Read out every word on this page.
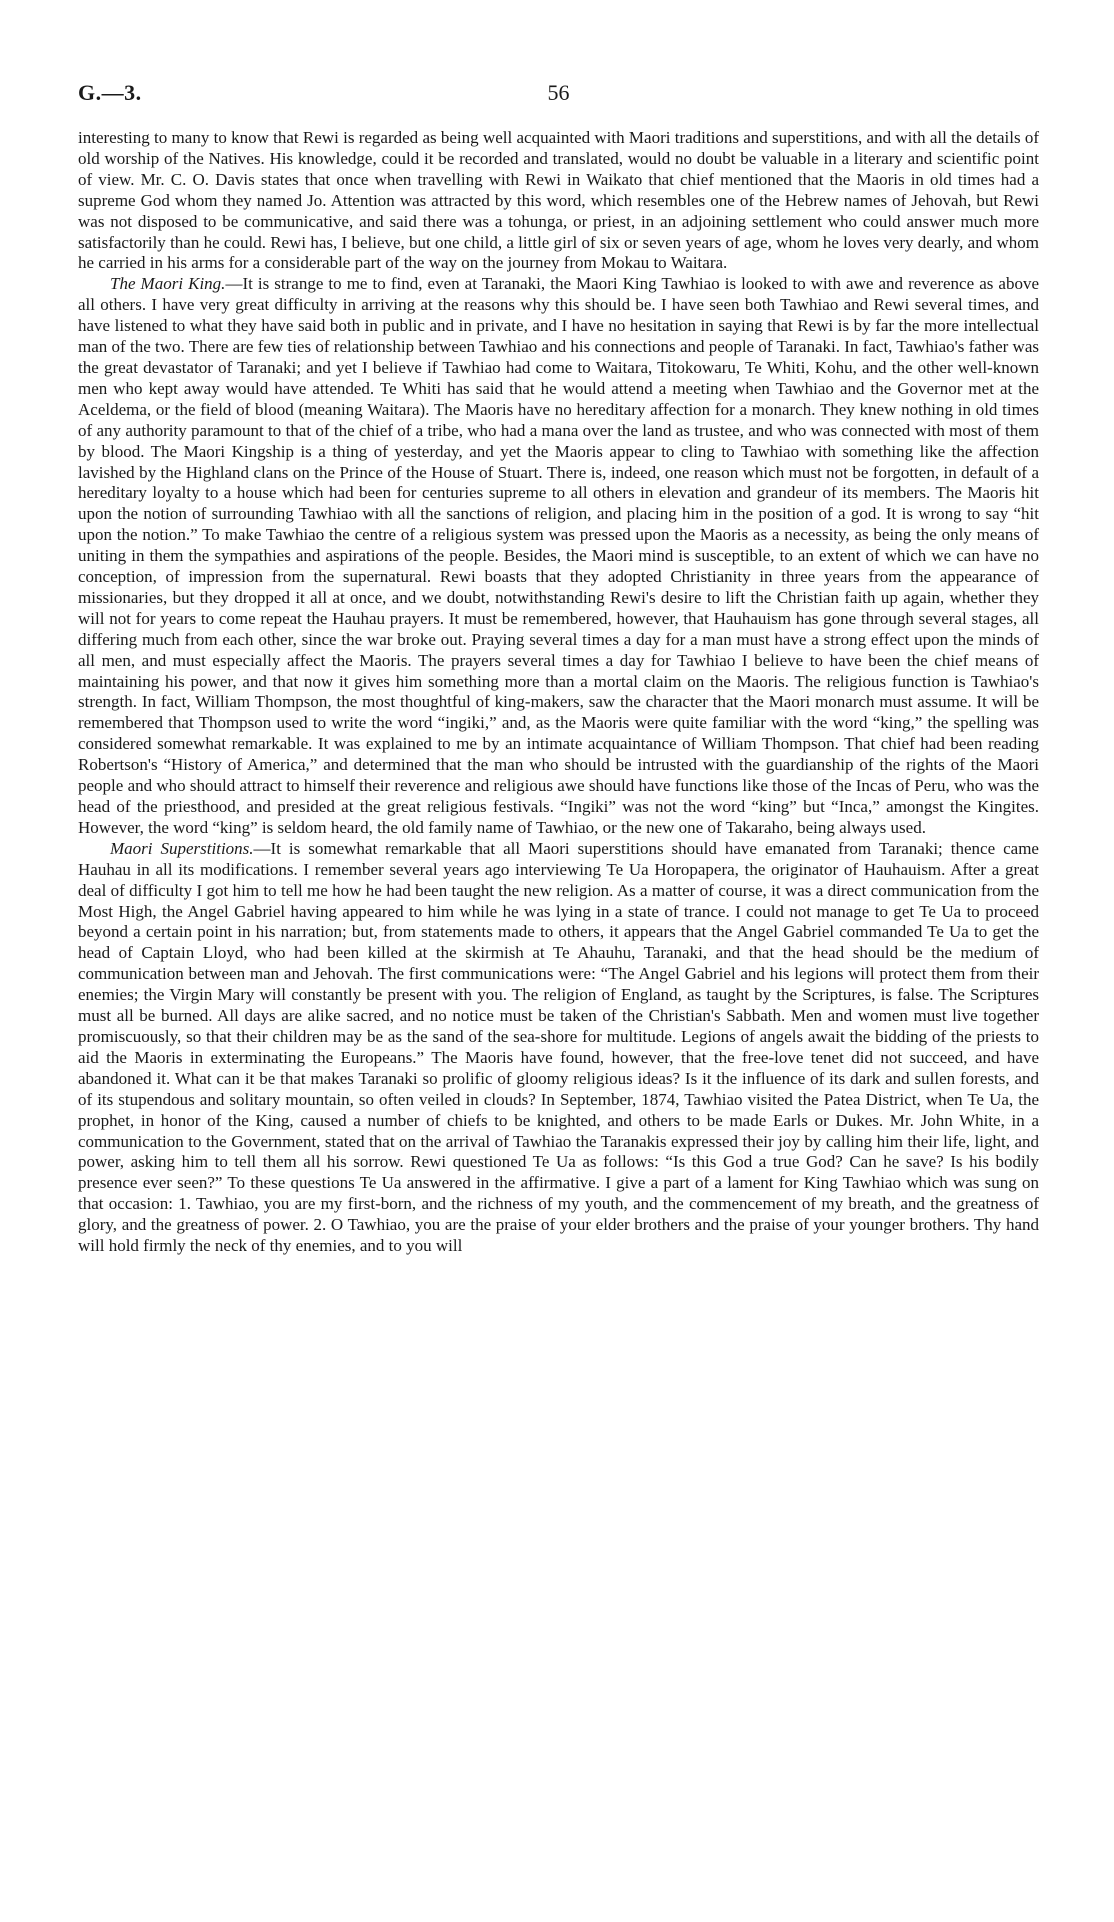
G.—3.	56

interesting to many to know that Rewi is regarded as being well acquainted with Maori traditions and superstitions, and with all the details of old worship of the Natives. His knowledge, could it be recorded and translated, would no doubt be valuable in a literary and scientific point of view. Mr. C. O. Davis states that once when travelling with Rewi in Waikato that chief mentioned that the Maoris in old times had a supreme God whom they named Jo. Attention was attracted by this word, which resembles one of the Hebrew names of Jehovah, but Rewi was not disposed to be communicative, and said there was a tohunga, or priest, in an adjoining settlement who could answer much more satisfactorily than he could. Rewi has, I believe, but one child, a little girl of six or seven years of age, whom he loves very dearly, and whom he carried in his arms for a considerable part of the way on the journey from Mokau to Waitara.

The Maori King.—It is strange to me to find, even at Taranaki, the Maori King Tawhiao is looked to with awe and reverence as above all others. I have very great difficulty in arriving at the reasons why this should be. I have seen both Tawhiao and Rewi several times, and have listened to what they have said both in public and in private, and I have no hesitation in saying that Rewi is by far the more intellectual man of the two. There are few ties of relationship between Tawhiao and his connections and people of Taranaki. In fact, Tawhiao's father was the great devastator of Taranaki; and yet I believe if Tawhiao had come to Waitara, Titokowaru, Te Whiti, Kohu, and the other well-known men who kept away would have attended. Te Whiti has said that he would attend a meeting when Tawhiao and the Governor met at the Aceldema, or the field of blood (meaning Waitara). The Maoris have no hereditary affection for a monarch. They knew nothing in old times of any authority paramount to that of the chief of a tribe, who had a mana over the land as trustee, and who was connected with most of them by blood. The Maori Kingship is a thing of yesterday, and yet the Maoris appear to cling to Tawhiao with something like the affection lavished by the Highland clans on the Prince of the House of Stuart. There is, indeed, one reason which must not be forgotten, in default of a hereditary loyalty to a house which had been for centuries supreme to all others in elevation and grandeur of its members. The Maoris hit upon the notion of surrounding Tawhiao with all the sanctions of religion, and placing him in the position of a god. It is wrong to say “hit upon the notion.” To make Tawhiao the centre of a religious system was pressed upon the Maoris as a necessity, as being the only means of uniting in them the sympathies and aspirations of the people. Besides, the Maori mind is susceptible, to an extent of which we can have no conception, of impression from the supernatural. Rewi boasts that they adopted Christianity in three years from the appearance of missionaries, but they dropped it all at once, and we doubt, notwithstanding Rewi's desire to lift the Christian faith up again, whether they will not for years to come repeat the Hauhau prayers. It must be remembered, however, that Hauhauism has gone through several stages, all differing much from each other, since the war broke out. Praying several times a day for a man must have a strong effect upon the minds of all men, and must especially affect the Maoris. The prayers several times a day for Tawhiao I believe to have been the chief means of maintaining his power, and that now it gives him something more than a mortal claim on the Maoris. The religious function is Tawhiao's strength. In fact, William Thompson, the most thoughtful of king-makers, saw the character that the Maori monarch must assume. It will be remembered that Thompson used to write the word “ingiki,” and, as the Maoris were quite familiar with the word “king,” the spelling was considered somewhat remarkable. It was explained to me by an intimate acquaintance of William Thompson. That chief had been reading Robertson's “History of America,” and determined that the man who should be intrusted with the guardianship of the rights of the Maori people and who should attract to himself their reverence and religious awe should have functions like those of the Incas of Peru, who was the head of the priesthood, and presided at the great religious festivals. “Ingiki” was not the word “king” but “Inca,” amongst the Kingites. However, the word “king” is seldom heard, the old family name of Tawhiao, or the new one of Takaraho, being always used.

Maori Superstitions.—It is somewhat remarkable that all Maori superstitions should have emanated from Taranaki; thence came Hauhau in all its modifications. I remember several years ago interviewing Te Ua Horopapera, the originator of Hauhauism. After a great deal of difficulty I got him to tell me how he had been taught the new religion. As a matter of course, it was a direct communication from the Most High, the Angel Gabriel having appeared to him while he was lying in a state of trance. I could not manage to get Te Ua to proceed beyond a certain point in his narration; but, from statements made to others, it appears that the Angel Gabriel commanded Te Ua to get the head of Captain Lloyd, who had been killed at the skirmish at Te Ahauhu, Taranaki, and that the head should be the medium of communication between man and Jehovah. The first communications were: “The Angel Gabriel and his legions will protect them from their enemies; the Virgin Mary will constantly be present with you. The religion of England, as taught by the Scriptures, is false. The Scriptures must all be burned. All days are alike sacred, and no notice must be taken of the Christian's Sabbath. Men and women must live together promiscuously, so that their children may be as the sand of the sea-shore for multitude. Legions of angels await the bidding of the priests to aid the Maoris in exterminating the Europeans.” The Maoris have found, however, that the free-love tenet did not succeed, and have abandoned it. What can it be that makes Taranaki so prolific of gloomy religious ideas? Is it the influence of its dark and sullen forests, and of its stupendous and solitary mountain, so often veiled in clouds? In September, 1874, Tawhiao visited the Patea District, when Te Ua, the prophet, in honor of the King, caused a number of chiefs to be knighted, and others to be made Earls or Dukes. Mr. John White, in a communication to the Government, stated that on the arrival of Tawhiao the Taranakis expressed their joy by calling him their life, light, and power, asking him to tell them all his sorrow. Rewi questioned Te Ua as follows: “Is this God a true God? Can he save? Is his bodily presence ever seen?” To these questions Te Ua answered in the affirmative. I give a part of a lament for King Tawhiao which was sung on that occasion: 1. Tawhiao, you are my first-born, and the richness of my youth, and the commencement of my breath, and the greatness of glory, and the greatness of power. 2. O Tawhiao, you are the praise of your elder brothers and the praise of your younger brothers. Thy hand will hold firmly the neck of thy enemies, and to you will
